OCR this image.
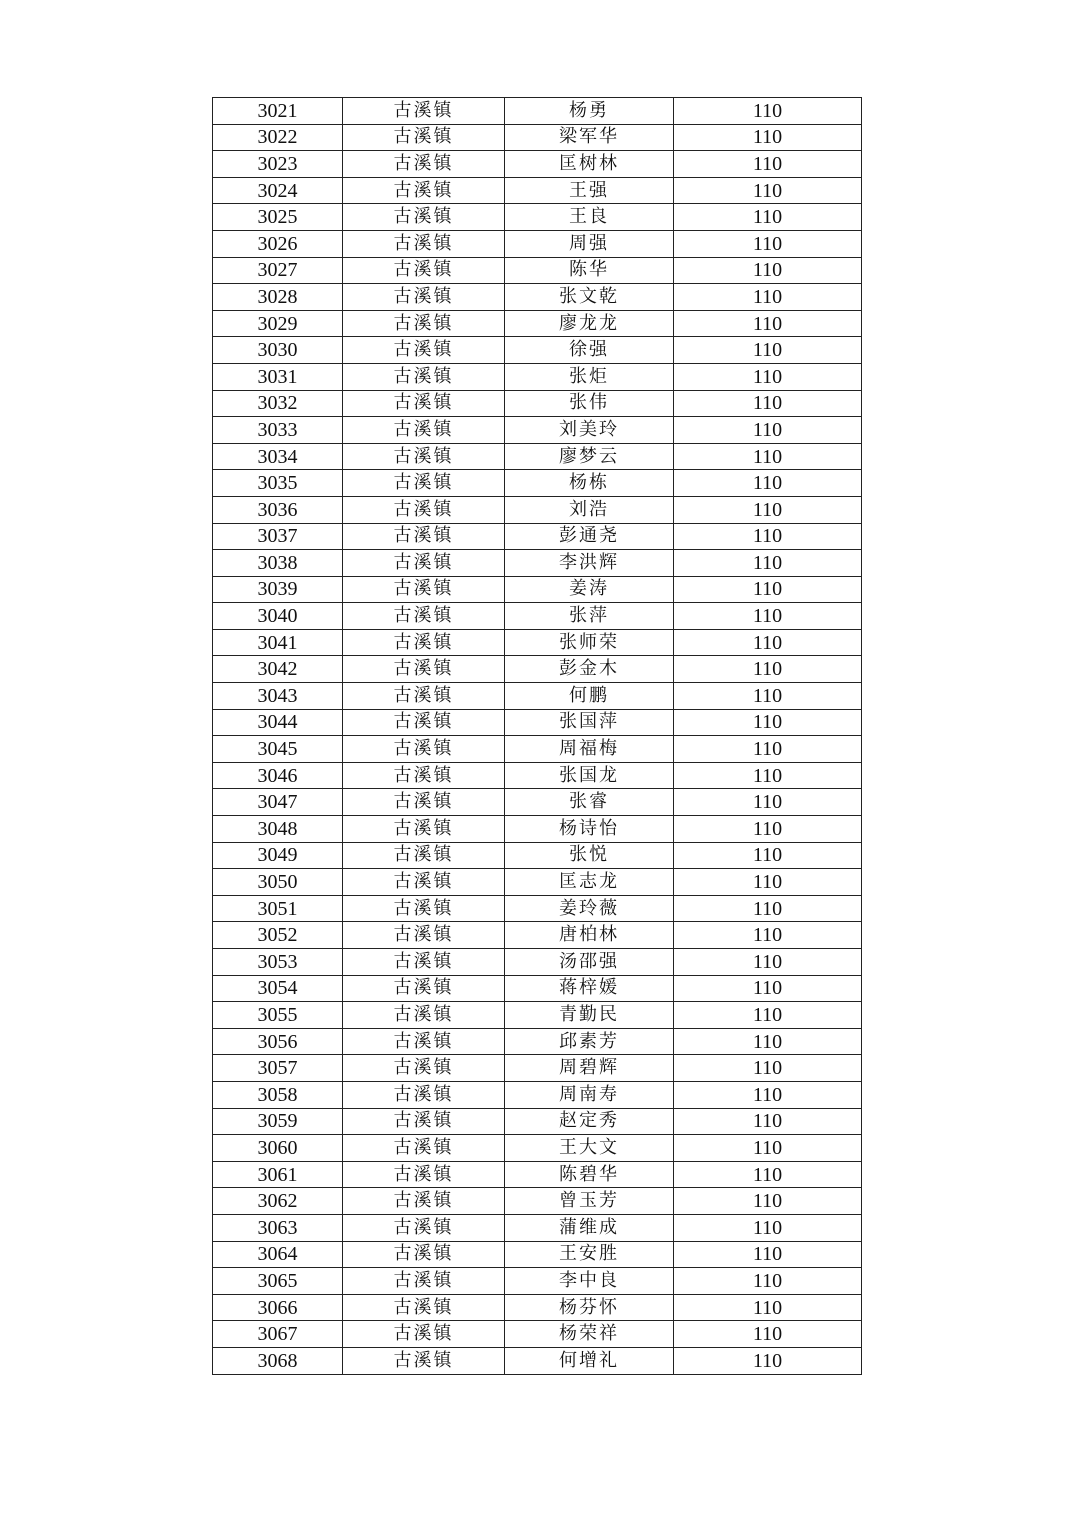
3021	古溪镇	杨勇	110
3022	古溪镇	梁军华	110
3023	古溪镇	匡树林	110
3024	古溪镇	王强	110
3025	古溪镇	王良	110
3026	古溪镇	周强	110
3027	古溪镇	陈华	110
3028	古溪镇	张文乾	110
3029	古溪镇	廖龙龙	110
3030	古溪镇	徐强	110
3031	古溪镇	张炬	110
3032	古溪镇	张伟	110
3033	古溪镇	刘美玲	110
3034	古溪镇	廖梦云	110
3035	古溪镇	杨栋	110
3036	古溪镇	刘浩	110
3037	古溪镇	彭通尧	110
3038	古溪镇	李洪辉	110
3039	古溪镇	姜涛	110
3040	古溪镇	张萍	110
3041	古溪镇	张师荣	110
3042	古溪镇	彭金木	110
3043	古溪镇	何鹏	110
3044	古溪镇	张国萍	110
3045	古溪镇	周福梅	110
3046	古溪镇	张国龙	110
3047	古溪镇	张睿	110
3048	古溪镇	杨诗怡	110
3049	古溪镇	张悦	110
3050	古溪镇	匡志龙	110
3051	古溪镇	姜玲薇	110
3052	古溪镇	唐柏林	110
3053	古溪镇	汤邵强	110
3054	古溪镇	蒋梓媛	110
3055	古溪镇	青勤民	110
3056	古溪镇	邱素芳	110
3057	古溪镇	周碧辉	110
3058	古溪镇	周南寿	110
3059	古溪镇	赵定秀	110
3060	古溪镇	王大文	110
3061	古溪镇	陈碧华	110
3062	古溪镇	曾玉芳	110
3063	古溪镇	蒲维成	110
3064	古溪镇	王安胜	110
3065	古溪镇	李中良	110
3066	古溪镇	杨芬怀	110
3067	古溪镇	杨荣祥	110
3068	古溪镇	何增礼	110
